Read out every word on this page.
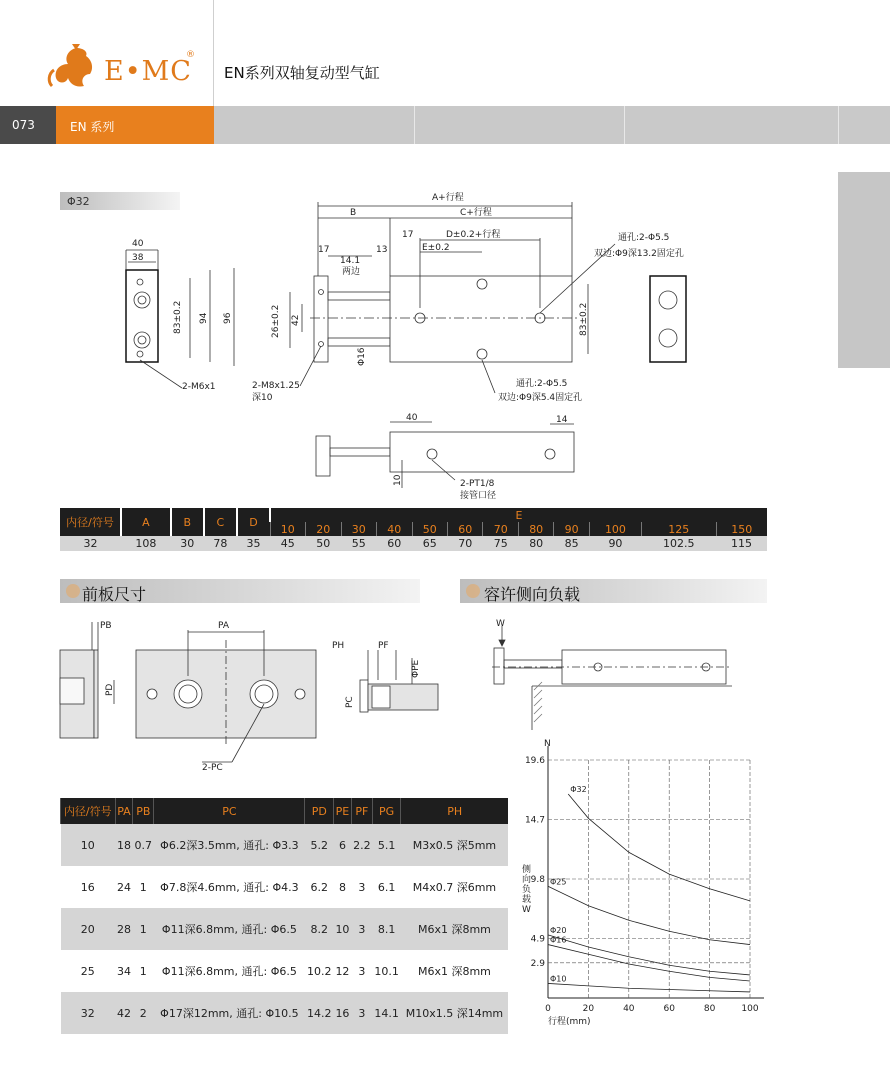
E•MC
®
EN系列双轴复动型气缸
073	EN 系列
Φ32
40
38
83±0.2 94 96
2-M6x1
A+行程
B	C+行程
D±0.2+行程
E±0.2
17	13
17
14.1
两边
26±0.2 42	83±0.2
Φ16
2-M8x1.25
深10
通孔:2-Φ5.5
双边:Φ9深13.2固定孔
通孔:2-Φ5.5
双边:Φ9深5.4固定孔
40	14
10	2-PT1/8
接管口径
内径/符号	A	B	C	D	E											
					10	20	30	40	50	60	70	80	90	100	125	150
32	108	30	78	35	45	50	55	60	65	70	75	80	85	90	102.5	115
前板尺寸	容许侧向负载
PB	PA
PD
2-PC
PH	PF
ΦPE
PC
W
内径/符号	PA	PB	PC	PD	PE	PF	PG	PH
10	18	0.7	Φ6.2深3.5mm, 通孔: Φ3.3	5.2	6	2.2	5.1	M3x0.5 深5mm
16	24	1	Φ7.8深4.6mm, 通孔: Φ4.3	6.2	8	3	6.1	M4x0.7 深6mm
20	28	1	Φ11深6.8mm, 通孔: Φ6.5	8.2	10	3	8.1	M6x1 深8mm
25	34	1	Φ11深6.8mm, 通孔: Φ6.5	10.2	12	3	10.1	M6x1 深8mm
32	42	2	Φ17深12mm, 通孔: Φ10.5	14.2	16	3	14.1	M10x1.5 深14mm
N
侧向负载 W
行程(mm)
0	20	40	60	80	100
2.9
4.9
9.8
14.7
19.6
Φ32
Φ25
Φ20
Φ16
Φ10
